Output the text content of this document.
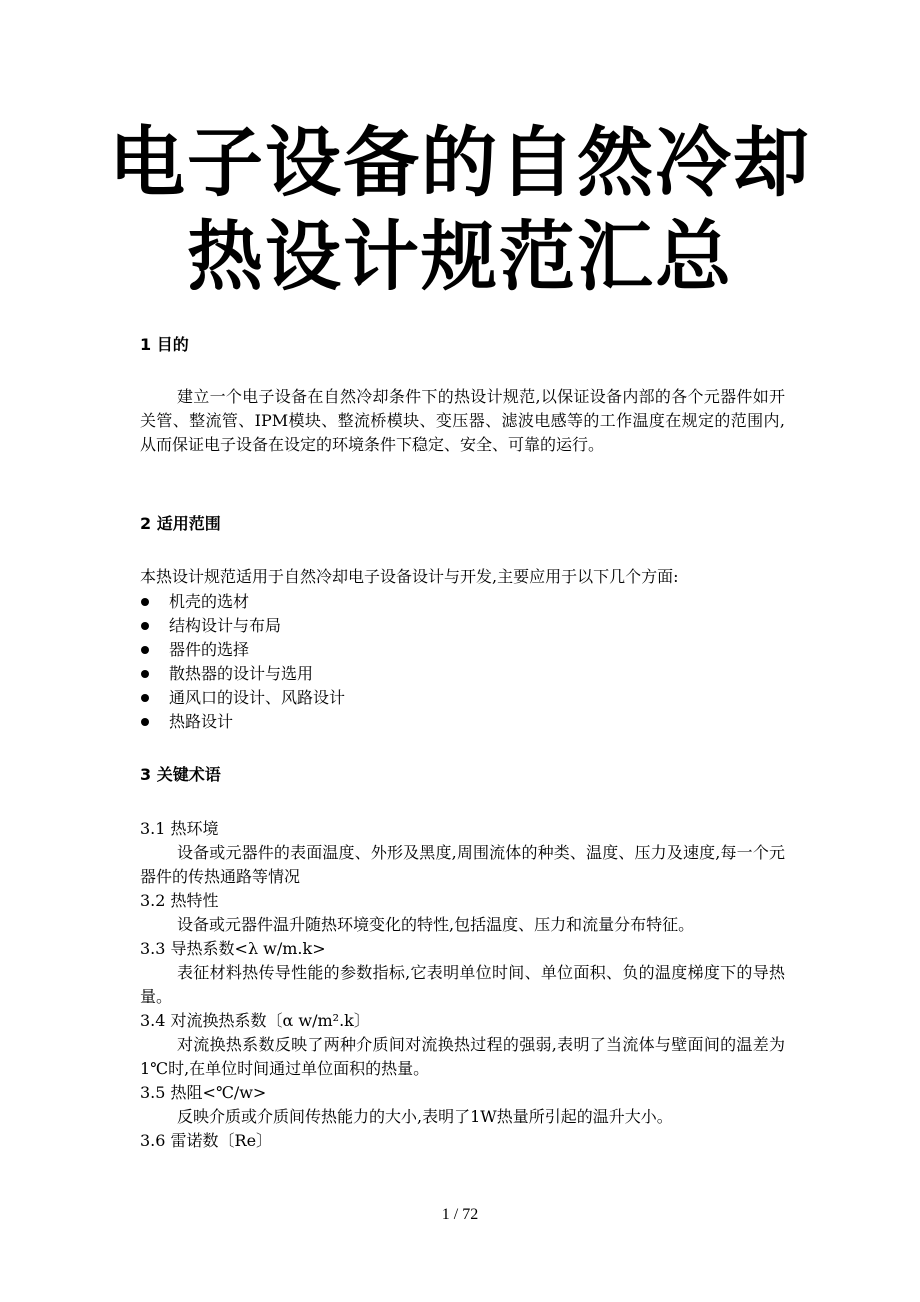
电子设备的自然冷却
热设计规范汇总
1 目的
建立一个电子设备在自然冷却条件下的热设计规范,以保证设备内部的各个元器件如开关管、整流管、IPM模块、整流桥模块、变压器、滤波电感等的工作温度在规定的范围内,从而保证电子设备在设定的环境条件下稳定、安全、可靠的运行。
2 适用范围
本热设计规范适用于自然冷却电子设备设计与开发,主要应用于以下几个方面:
机壳的选材
结构设计与布局
器件的选择
散热器的设计与选用
通风口的设计、风路设计
热路设计
3 关键术语
3.1 热环境
设备或元器件的表面温度、外形及黑度,周围流体的种类、温度、压力及速度,每一个元器件的传热通路等情况
3.2 热特性
设备或元器件温升随热环境变化的特性,包括温度、压力和流量分布特征。
3.3 导热系数<λ w/m.k>
表征材料热传导性能的参数指标,它表明单位时间、单位面积、负的温度梯度下的导热量。
3.4 对流换热系数〔α w/m².k〕
对流换热系数反映了两种介质间对流换热过程的强弱,表明了当流体与壁面间的温差为1℃时,在单位时间通过单位面积的热量。
3.5 热阻<℃/w>
反映介质或介质间传热能力的大小,表明了1W热量所引起的温升大小。
3.6 雷诺数〔Re〕
1 / 72
